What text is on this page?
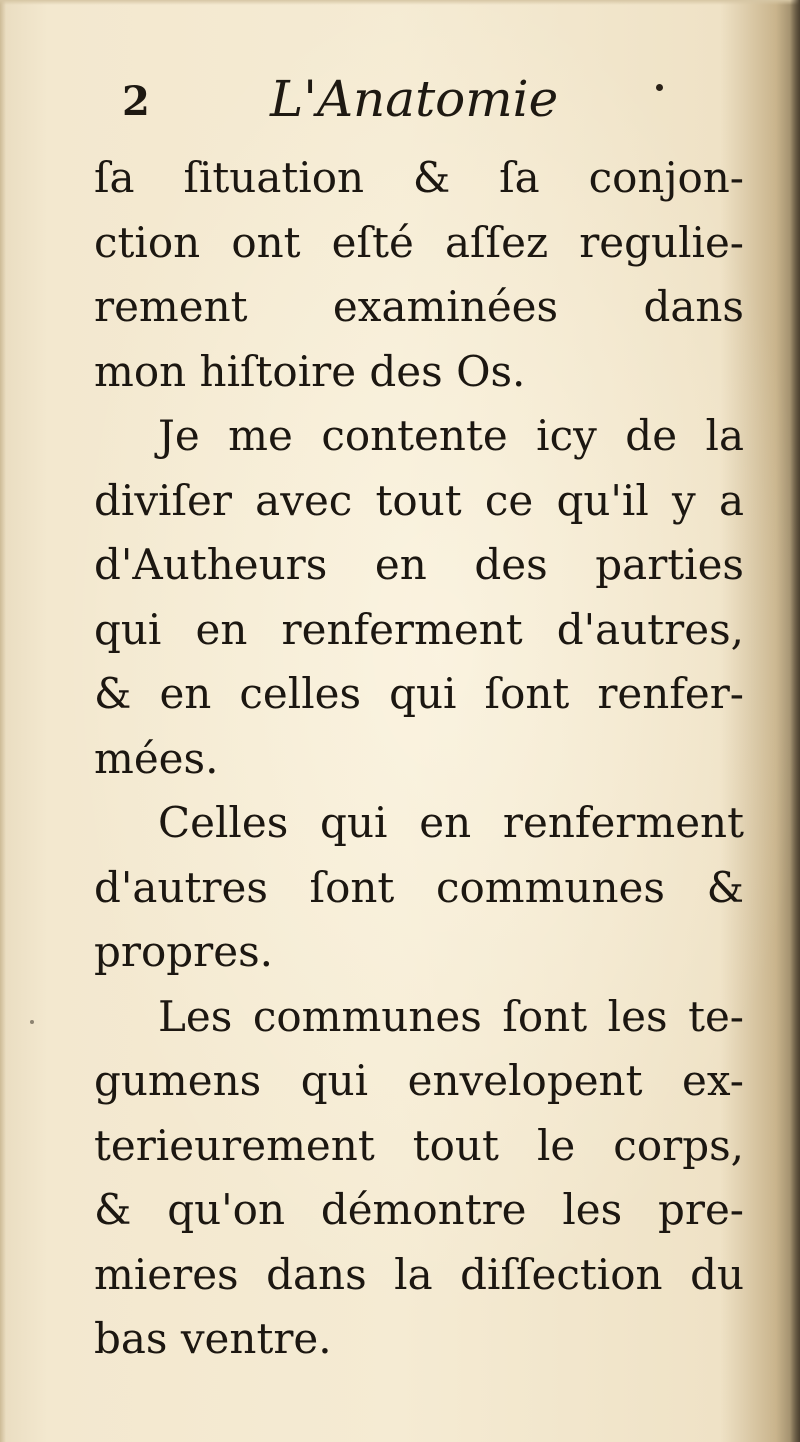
2 L'Anatomie
ſa ſituation & ſa conjon-
ction ont eſté aſſez regulie-
rement examinées dans
mon hiſtoire des Os.
Je me contente icy de la
diviſer avec tout ce qu'il y a
d'Autheurs en des parties
qui en renferment d'autres,
& en celles qui ſont renfer-
mées.
Celles qui en renferment
d'autres ſont communes &
propres.
Les communes ſont les te-
gumens qui envelopent ex-
terieurement tout le corps,
& qu'on démontre les pre-
mieres dans la diſſection du
bas ventre.
